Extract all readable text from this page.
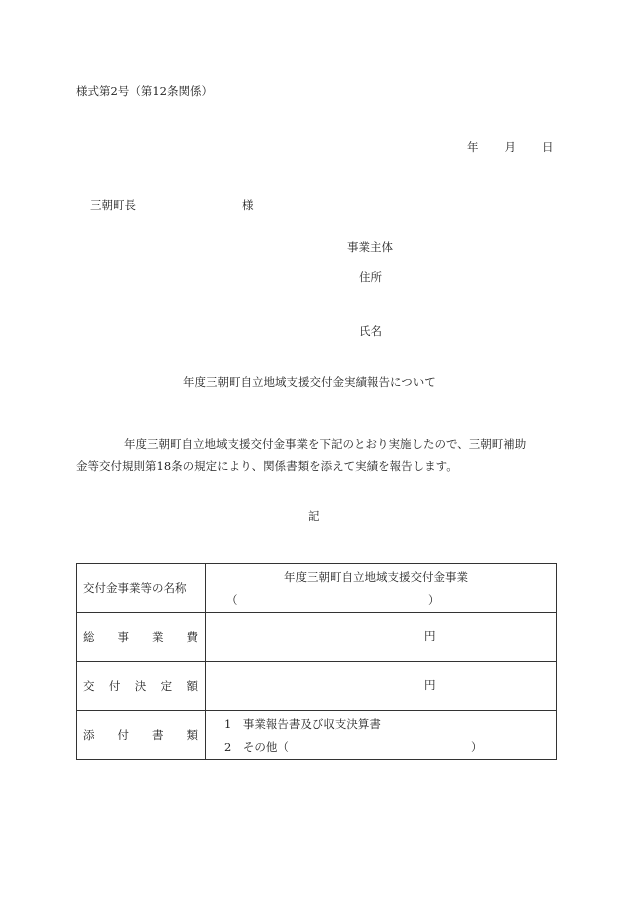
様式第2号（第12条関係）
年 月 日
三朝町長	様
事業主体
住所
氏名
年度三朝町自立地域支援交付金実績報告について
年度三朝町自立地域支援交付金事業を下記のとおり実施したので、三朝町補助
金等交付規則第18条の規定により、関係書類を添えて実績を報告します。
記
交付金事業等の名称	年度三朝町自立地域支援交付金事業
（ ）

総 事 業 費	円

交 付 決 定 額	円

添 付 書 類	1　事業報告書及び収支決算書
2　その他（ ）
